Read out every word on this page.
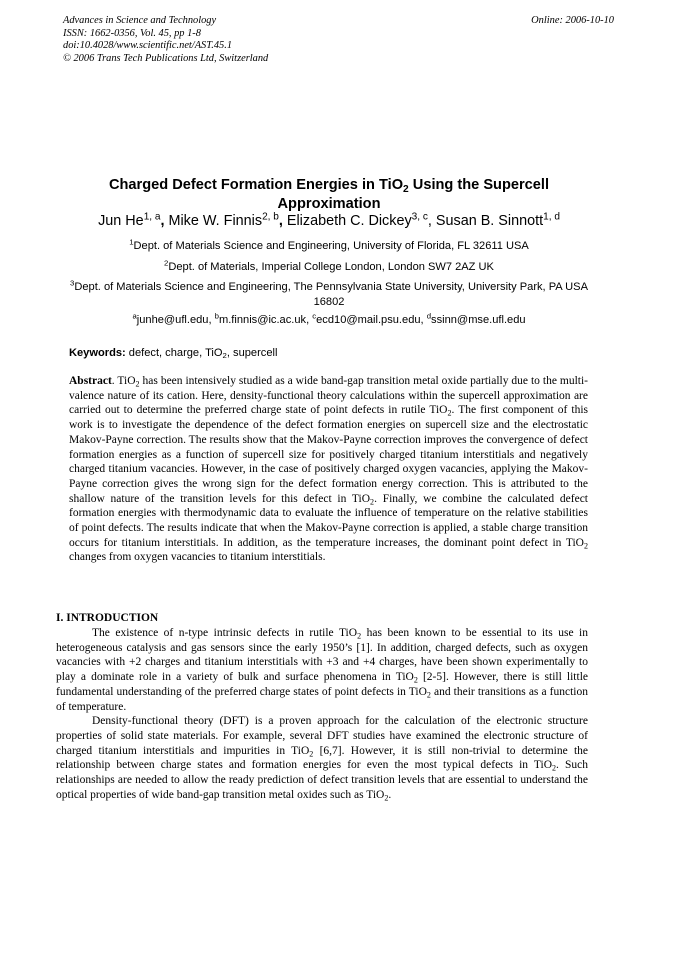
Advances in Science and Technology
ISSN: 1662-0356, Vol. 45, pp 1-8
doi:10.4028/www.scientific.net/AST.45.1
© 2006 Trans Tech Publications Ltd, Switzerland
Online: 2006-10-10
Charged Defect Formation Energies in TiO$_2$ Using the Supercell Approximation
Jun He$^{1, a}$, Mike W. Finnis$^{2, b}$, Elizabeth C. Dickey$^{3, c}$, Susan B. Sinnott$^{1, d}$
$^1$Dept. of Materials Science and Engineering, University of Florida, FL 32611 USA
$^2$Dept. of Materials, Imperial College London, London SW7 2AZ UK
$^3$Dept. of Materials Science and Engineering, The Pennsylvania State University, University Park, PA USA 16802
$^a$junhe@ufl.edu, $^b$m.finnis@ic.ac.uk, $^c$ecd10@mail.psu.edu, $^d$ssinn@mse.ufl.edu
Keywords: defect, charge, TiO$_2$, supercell
Abstract. TiO$_2$ has been intensively studied as a wide band-gap transition metal oxide partially due to the multi-valence nature of its cation. Here, density-functional theory calculations within the supercell approximation are carried out to determine the preferred charge state of point defects in rutile TiO$_2$. The first component of this work is to investigate the dependence of the defect formation energies on supercell size and the electrostatic Makov-Payne correction. The results show that the Makov-Payne correction improves the convergence of defect formation energies as a function of supercell size for positively charged titanium interstitials and negatively charged titanium vacancies. However, in the case of positively charged oxygen vacancies, applying the Makov-Payne correction gives the wrong sign for the defect formation energy correction. This is attributed to the shallow nature of the transition levels for this defect in TiO$_2$. Finally, we combine the calculated defect formation energies with thermodynamic data to evaluate the influence of temperature on the relative stabilities of point defects. The results indicate that when the Makov-Payne correction is applied, a stable charge transition occurs for titanium interstitials. In addition, as the temperature increases, the dominant point defect in TiO$_2$ changes from oxygen vacancies to titanium interstitials.
I. INTRODUCTION

The existence of n-type intrinsic defects in rutile TiO$_2$ has been known to be essential to its use in heterogeneous catalysis and gas sensors since the early 1950’s [1]. In addition, charged defects, such as oxygen vacancies with +2 charges and titanium interstitials with +3 and +4 charges, have been shown experimentally to play a dominate role in a variety of bulk and surface phenomena in TiO$_2$ [2-5]. However, there is still little fundamental understanding of the preferred charge states of point defects in TiO$_2$ and their transitions as a function of temperature.

Density-functional theory (DFT) is a proven approach for the calculation of the electronic structure properties of solid state materials. For example, several DFT studies have examined the electronic structure of charged titanium interstitials and impurities in TiO$_2$ [6,7]. However, it is still non-trivial to determine the relationship between charge states and formation energies for even the most typical defects in TiO$_2$. Such relationships are needed to allow the ready prediction of defect transition levels that are essential to understand the optical properties of wide band-gap transition metal oxides such as TiO$_2$.
